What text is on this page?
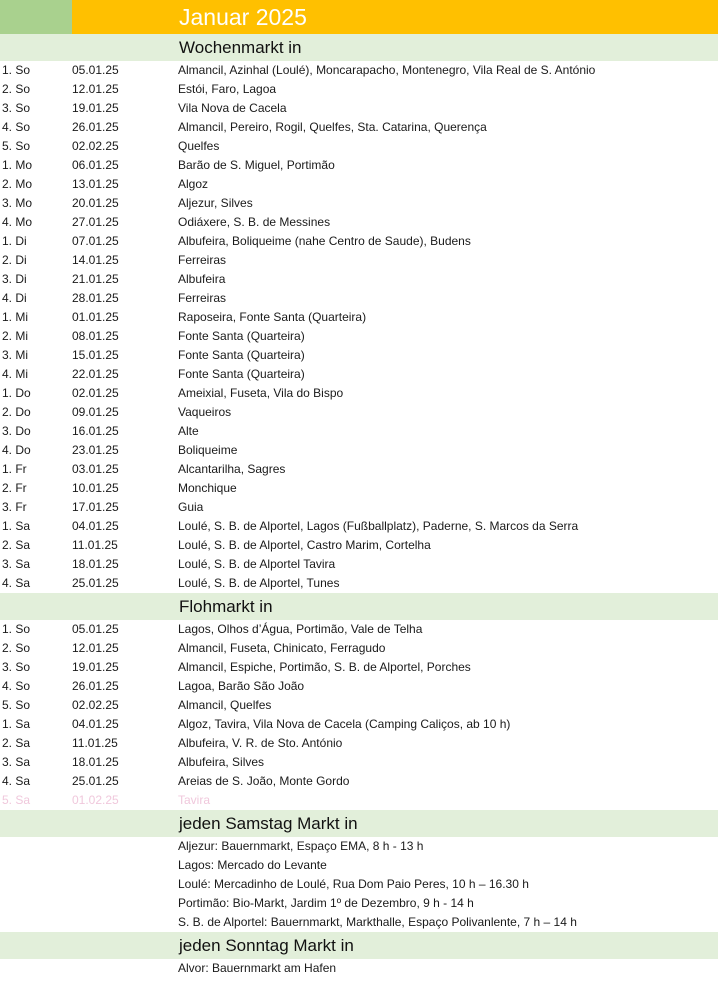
Januar 2025
Wochenmarkt in
1. So	05.01.25	Almancil, Azinhal (Loulé), Moncarapacho, Montenegro, Vila Real de S. António
2. So	12.01.25	Estói, Faro, Lagoa
3. So	19.01.25	Vila Nova de Cacela
4. So	26.01.25	Almancil, Pereiro, Rogil, Quelfes, Sta. Catarina, Querença
5. So	02.02.25	Quelfes
1. Mo	06.01.25	Barão de S. Miguel, Portimão
2. Mo	13.01.25	Algoz
3. Mo	20.01.25	Aljezur, Silves
4. Mo	27.01.25	Odiáxere, S. B. de Messines
1. Di	07.01.25	Albufeira, Boliqueime (nahe Centro de Saude), Budens
2. Di	14.01.25	Ferreiras
3. Di	21.01.25	Albufeira
4. Di	28.01.25	Ferreiras
1. Mi	01.01.25	Raposeira, Fonte Santa (Quarteira)
2. Mi	08.01.25	Fonte Santa (Quarteira)
3. Mi	15.01.25	Fonte Santa (Quarteira)
4. Mi	22.01.25	Fonte Santa (Quarteira)
1. Do	02.01.25	Ameixial, Fuseta, Vila do Bispo
2. Do	09.01.25	Vaqueiros
3. Do	16.01.25	Alte
4. Do	23.01.25	Boliqueime
1. Fr	03.01.25	Alcantarilha, Sagres
2. Fr	10.01.25	Monchique
3. Fr	17.01.25	Guia
1. Sa	04.01.25	Loulé, S. B. de Alportel, Lagos (Fußballplatz), Paderne, S. Marcos da Serra
2. Sa	11.01.25	Loulé, S. B. de Alportel, Castro Marim, Cortelha
3. Sa	18.01.25	Loulé, S. B. de Alportel Tavira
4. Sa	25.01.25	Loulé, S. B. de Alportel, Tunes
Flohmarkt in
1. So	05.01.25	Lagos, Olhos d’Água, Portimão, Vale de Telha
2. So	12.01.25	Almancil, Fuseta, Chinicato, Ferragudo
3. So	19.01.25	Almancil, Espiche, Portimão, S. B. de Alportel, Porches
4. So	26.01.25	Lagoa, Barão São João
5. So	02.02.25	Almancil, Quelfes
1. Sa	04.01.25	Algoz, Tavira, Vila Nova de Cacela (Camping Caliços, ab 10 h)
2. Sa	11.01.25	Albufeira, V. R. de Sto. António
3. Sa	18.01.25	Albufeira, Silves
4. Sa	25.01.25	Areias de S. João, Monte Gordo
5. Sa	01.02.25	Tavira
jeden Samstag Markt in
Aljezur: Bauernmarkt, Espaço EMA, 8 h - 13 h
Lagos: Mercado do Levante
Loulé: Mercadinho de Loulé, Rua Dom Paio Peres, 10 h – 16.30 h
Portimão: Bio-Markt, Jardim 1º de Dezembro, 9 h - 14 h
S. B. de Alportel: Bauernmarkt, Markthalle, Espaço Polivanlente, 7 h – 14 h
jeden Sonntag Markt in
Alvor: Bauernmarkt am Hafen
